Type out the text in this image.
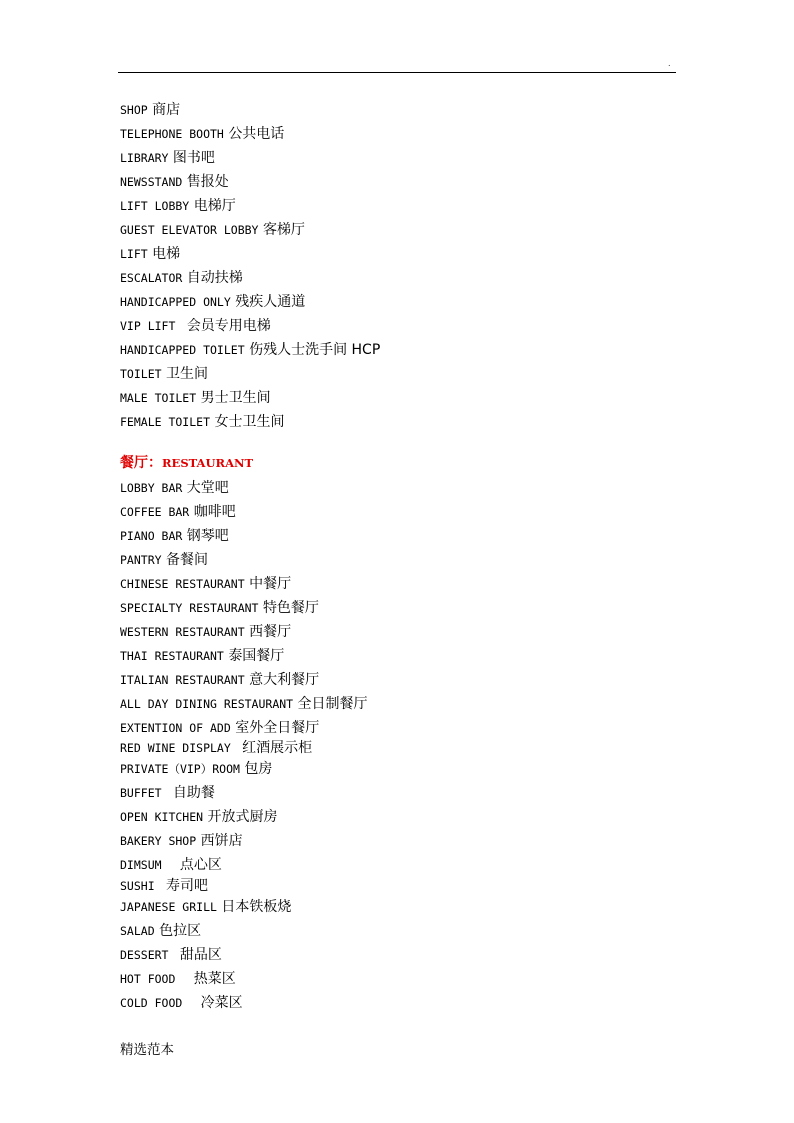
.
SHOP 商店
TELEPHONE BOOTH 公共电话
LIBRARY 图书吧
NEWSSTAND 售报处
LIFT LOBBY 电梯厅
GUEST ELEVATOR LOBBY 客梯厅
LIFT 电梯
ESCALATOR 自动扶梯
HANDICAPPED ONLY 残疾人通道
VIP LIFT  会员专用电梯
HANDICAPPED TOILET 伤残人士洗手间 HCP
TOILET 卫生间
MALE TOILET 男士卫生间
FEMALE TOILET 女士卫生间
餐厅：RESTAURANT
LOBBY BAR 大堂吧
COFFEE BAR 咖啡吧
PIANO BAR 钢琴吧
PANTRY 备餐间
CHINESE RESTAURANT 中餐厅
SPECIALTY RESTAURANT 特色餐厅
WESTERN RESTAURANT 西餐厅
THAI RESTAURANT 泰国餐厅
ITALIAN RESTAURANT 意大利餐厅
ALL DAY DINING RESTAURANT 全日制餐厅
EXTENTION OF ADD 室外全日餐厅
RED WINE DISPLAY  红酒展示柜
PRIVATE（VIP）ROOM 包房
BUFFET  自助餐
OPEN KITCHEN 开放式厨房
BAKERY SHOP 西饼店
DIMSUM   点心区
SUSHI  寿司吧
JAPANESE GRILL 日本铁板烧
SALAD 色拉区
DESSERT  甜品区
HOT FOOD   热菜区
COLD FOOD   冷菜区
精选范本
